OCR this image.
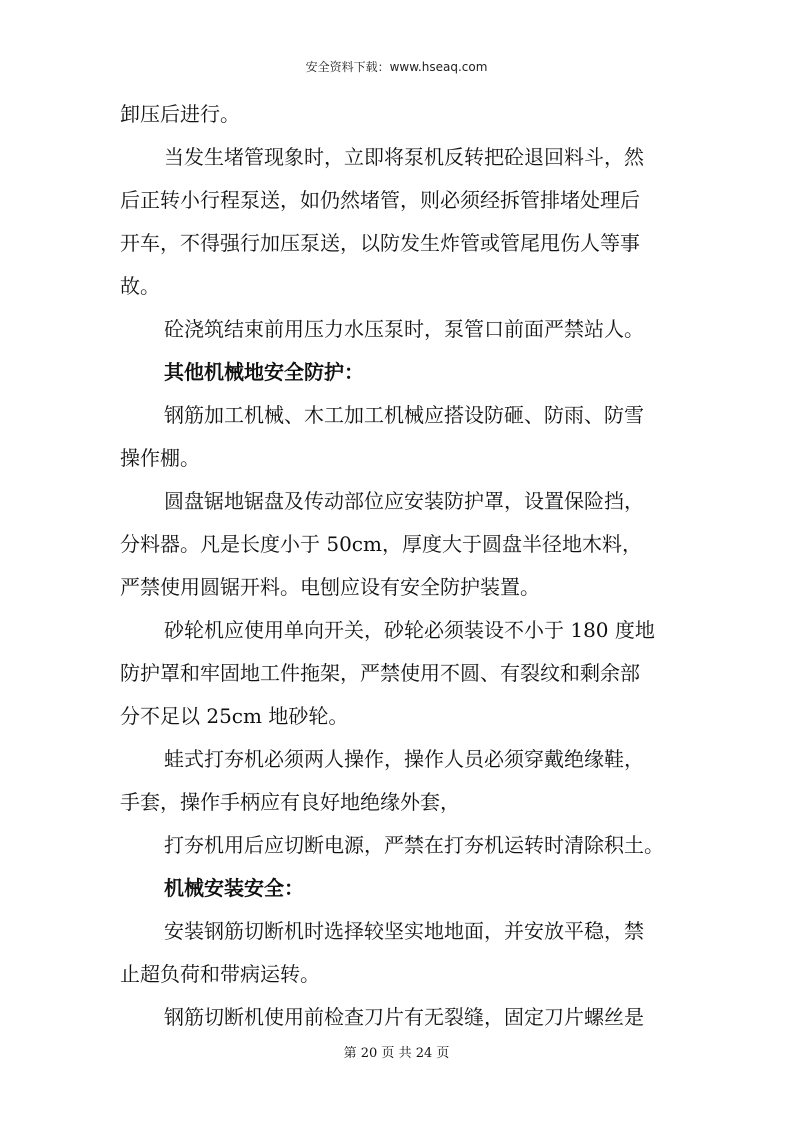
安全资料下载：www.hseaq.com

卸压后进行。

当发生堵管现象时，立即将泵机反转把砼退回料斗，然

后正转小行程泵送，如仍然堵管，则必须经拆管排堵处理后

开车，不得强行加压泵送，以防发生炸管或管尾甩伤人等事

故。

砼浇筑结束前用压力水压泵时，泵管口前面严禁站人。

其他机械地安全防护：

钢筋加工机械、木工加工机械应搭设防砸、防雨、防雪

操作棚。

圆盘锯地锯盘及传动部位应安装防护罩，设置保险挡，

分料器。凡是长度小于 50cm，厚度大于圆盘半径地木料，

严禁使用圆锯开料。电刨应设有安全防护装置。

砂轮机应使用单向开关，砂轮必须装设不小于 180 度地

防护罩和牢固地工件拖架，严禁使用不圆、有裂纹和剩余部

分不足以 25cm 地砂轮。

蛙式打夯机必须两人操作，操作人员必须穿戴绝缘鞋，

手套，操作手柄应有良好地绝缘外套，

打夯机用后应切断电源，严禁在打夯机运转时清除积土。

机械安装安全：

安装钢筋切断机时选择较坚实地地面，并安放平稳，禁

止超负荷和带病运转。

钢筋切断机使用前检查刀片有无裂缝，固定刀片螺丝是

第 20 页 共 24 页
